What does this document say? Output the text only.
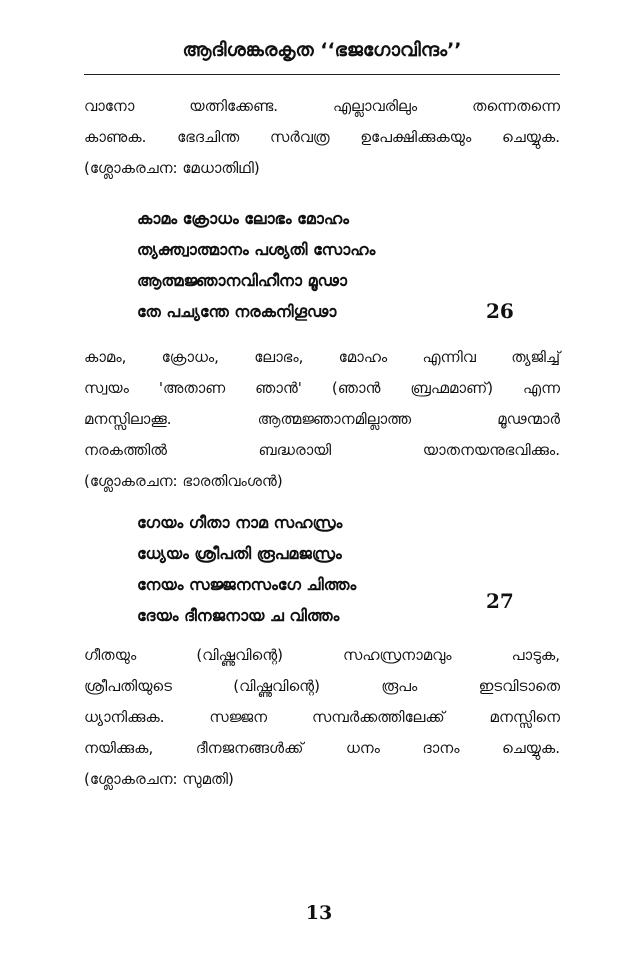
ആദിശങ്കരകൃത ‘‘ഭജഗോവിന്ദം’’
വാനോ യത്നിക്കേണ്ട. എല്ലാവരിലും തന്നെതന്നെ
കാണുക. ഭേദചിന്ത സർവത്ര ഉപേക്ഷിക്കുകയും ചെയ്യുക.
(ശ്ലോകരചന: മേധാതിഥി)
കാമം ക്രോധം ലോഭം മോഹം
ത്യക്ത്വാത്മാനം പശ്യതി സോഹം
ആത്മജ്ഞാനവിഹീനാ മൂഢാ
തേ പച്യന്തേ നരകനിഗൂഢാ	26
കാമം, ക്രോധം, ലോഭം, മോഹം എന്നിവ ത്യജിച്ച്
സ്വയം 'അതാണ ഞാൻ' (ഞാൻ ബ്രഹ്മമാണ്) എന്ന
മനസ്സിലാക്കൂ. ആത്മജ്ഞാനമില്ലാത്ത മൂഢന്മാർ
നരകത്തിൽ ബദ്ധരായി യാതനയനുഭവിക്കും.
(ശ്ലോകരചന: ഭാരതിവംശൻ)
ഗേയം ഗീതാ നാമ സഹസ്രം
ധ്യേയം ശ്രീപതി രൂപമജസ്രം
നേയം സജ്ജനസംഗേ ചിത്തം
ദേയം ദീനജനായ ച വിത്തം
27
ഗീതയും (വിഷ്ണുവിന്റെ) സഹസ്രനാമവും പാടുക,
ശ്രീപതിയുടെ (വിഷ്ണുവിന്റെ) രൂപം ഇടവിടാതെ
ധ്യാനിക്കുക. സജ്ജന സമ്പർക്കത്തിലേക്ക് മനസ്സിനെ
നയിക്കുക, ദീനജനങ്ങൾക്ക് ധനം ദാനം ചെയ്യുക.
(ശ്ലോകരചന: സുമതി)
13
